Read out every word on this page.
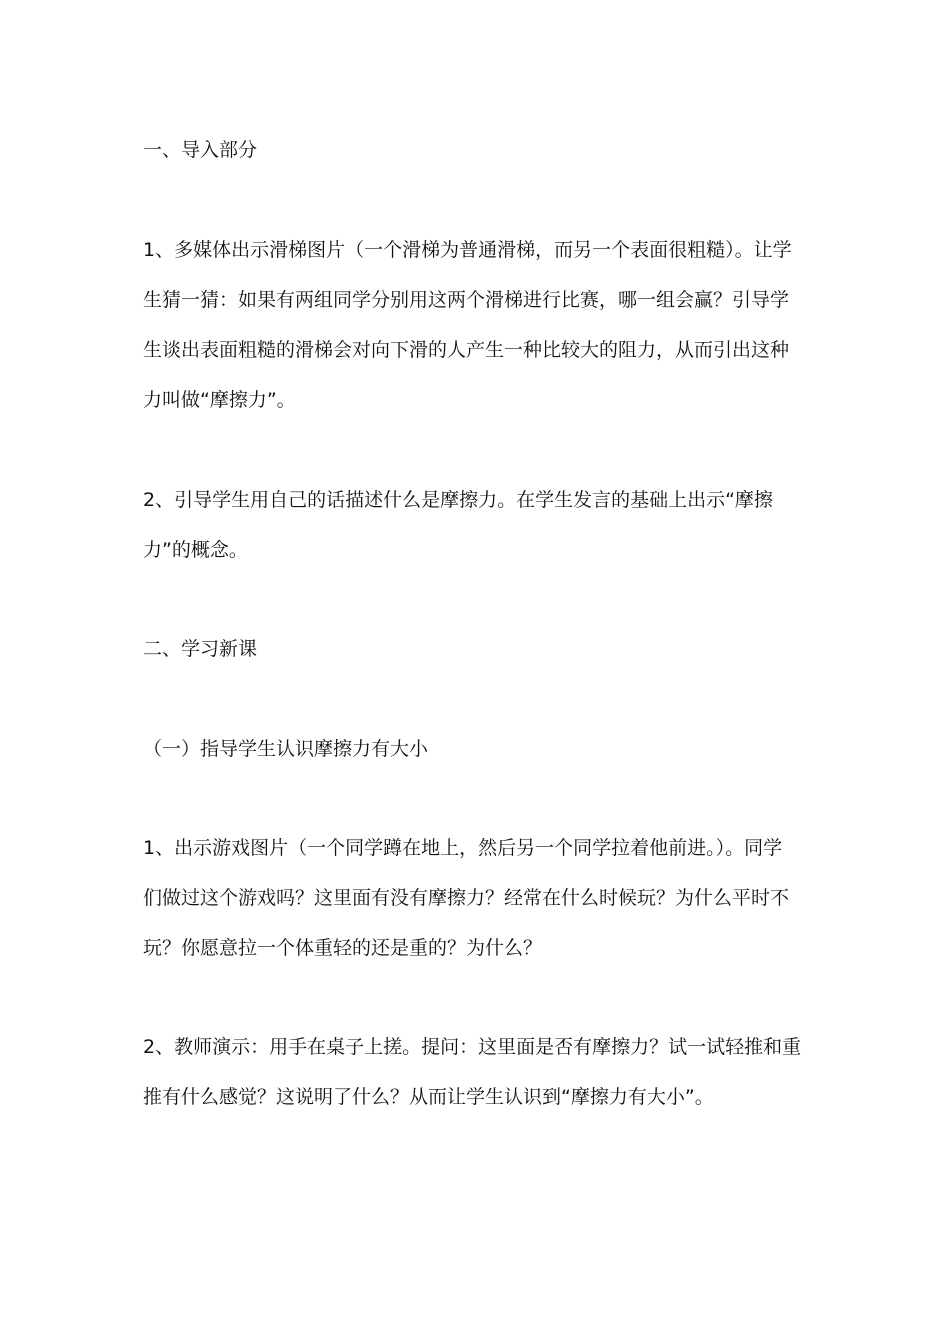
一、导入部分
1、多媒体出示滑梯图片（一个滑梯为普通滑梯，而另一个表面很粗糙）。让学
生猜一猜：如果有两组同学分别用这两个滑梯进行比赛，哪一组会赢？引导学
生谈出表面粗糙的滑梯会对向下滑的人产生一种比较大的阻力，从而引出这种
力叫做“摩擦力”。
2、引导学生用自己的话描述什么是摩擦力。在学生发言的基础上出示“摩擦
力”的概念。
二、学习新课
（一）指导学生认识摩擦力有大小
1、出示游戏图片（一个同学蹲在地上，然后另一个同学拉着他前进。）。同学
们做过这个游戏吗？这里面有没有摩擦力？经常在什么时候玩？为什么平时不
玩？你愿意拉一个体重轻的还是重的？为什么？
2、教师演示：用手在桌子上搓。提问：这里面是否有摩擦力？试一试轻推和重
推有什么感觉？这说明了什么？从而让学生认识到“摩擦力有大小”。
